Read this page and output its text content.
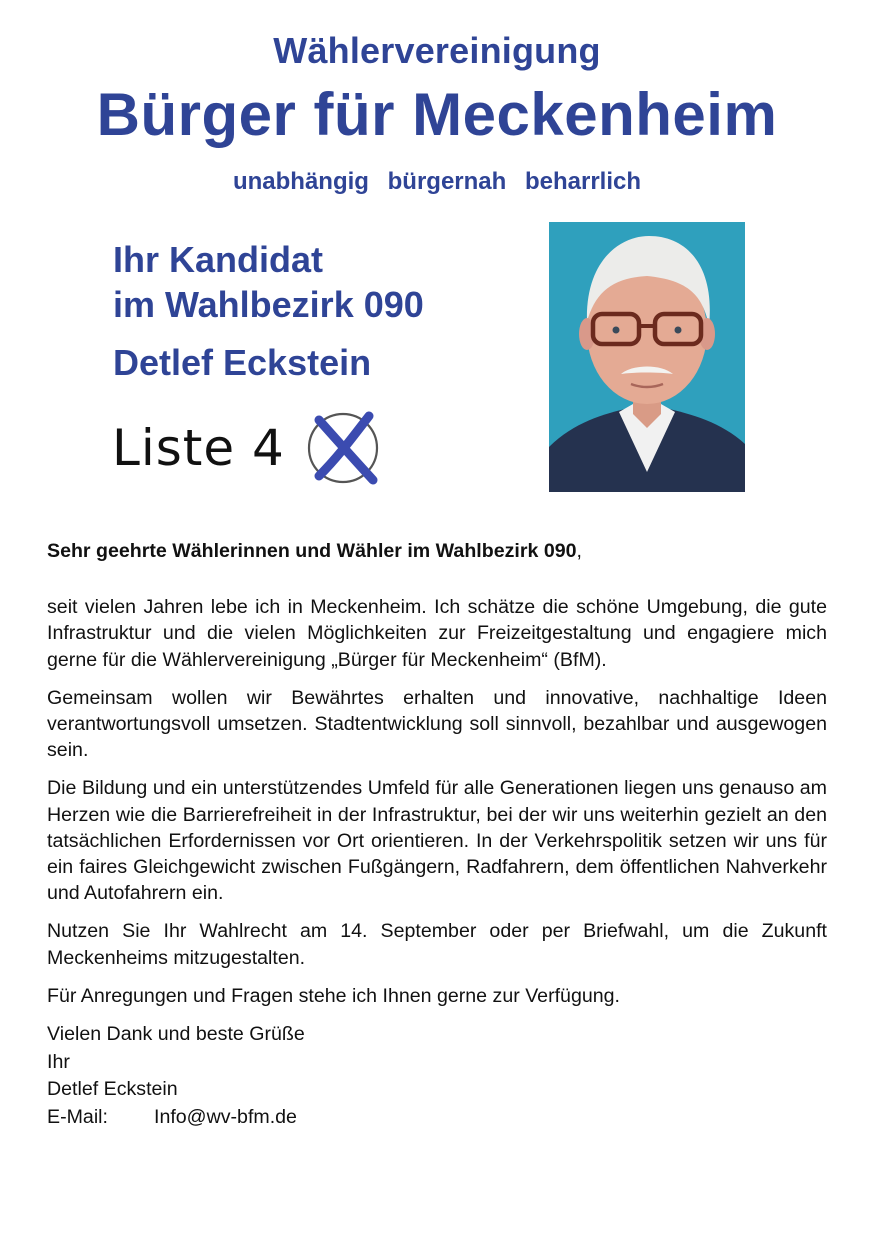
Wählervereinigung
Bürger für Meckenheim
unabhängig bürgernah beharrlich
Ihr Kandidat
im Wahlbezirk 090
Detlef Eckstein
Liste 4

Sehr geehrte Wählerinnen und Wähler im Wahlbezirk 090,

seit vielen Jahren lebe ich in Meckenheim. Ich schätze die schöne Umgebung, die gute Infrastruktur und die vielen Möglichkeiten zur Freizeitgestaltung und engagiere mich gerne für die Wählervereinigung „Bürger für Meckenheim“ (BfM).

Gemeinsam wollen wir Bewährtes erhalten und innovative, nachhaltige Ideen verantwortungsvoll umsetzen. Stadtentwicklung soll sinnvoll, bezahlbar und ausgewogen sein.

Die Bildung und ein unterstützendes Umfeld für alle Generationen liegen uns genauso am Herzen wie die Barrierefreiheit in der Infrastruktur, bei der wir uns weiterhin gezielt an den tatsächlichen Erfordernissen vor Ort orientieren. In der Verkehrspolitik setzen wir uns für ein faires Gleichgewicht zwischen Fußgängern, Radfahrern, dem öffentlichen Nahverkehr und Autofahrern ein.

Nutzen Sie Ihr Wahlrecht am 14. September oder per Briefwahl, um die Zukunft Meckenheims mitzugestalten.

Für Anregungen und Fragen stehe ich Ihnen gerne zur Verfügung.

Vielen Dank und beste Grüße
Ihr
Detlef Eckstein
E-Mail: Info@wv-bfm.de
